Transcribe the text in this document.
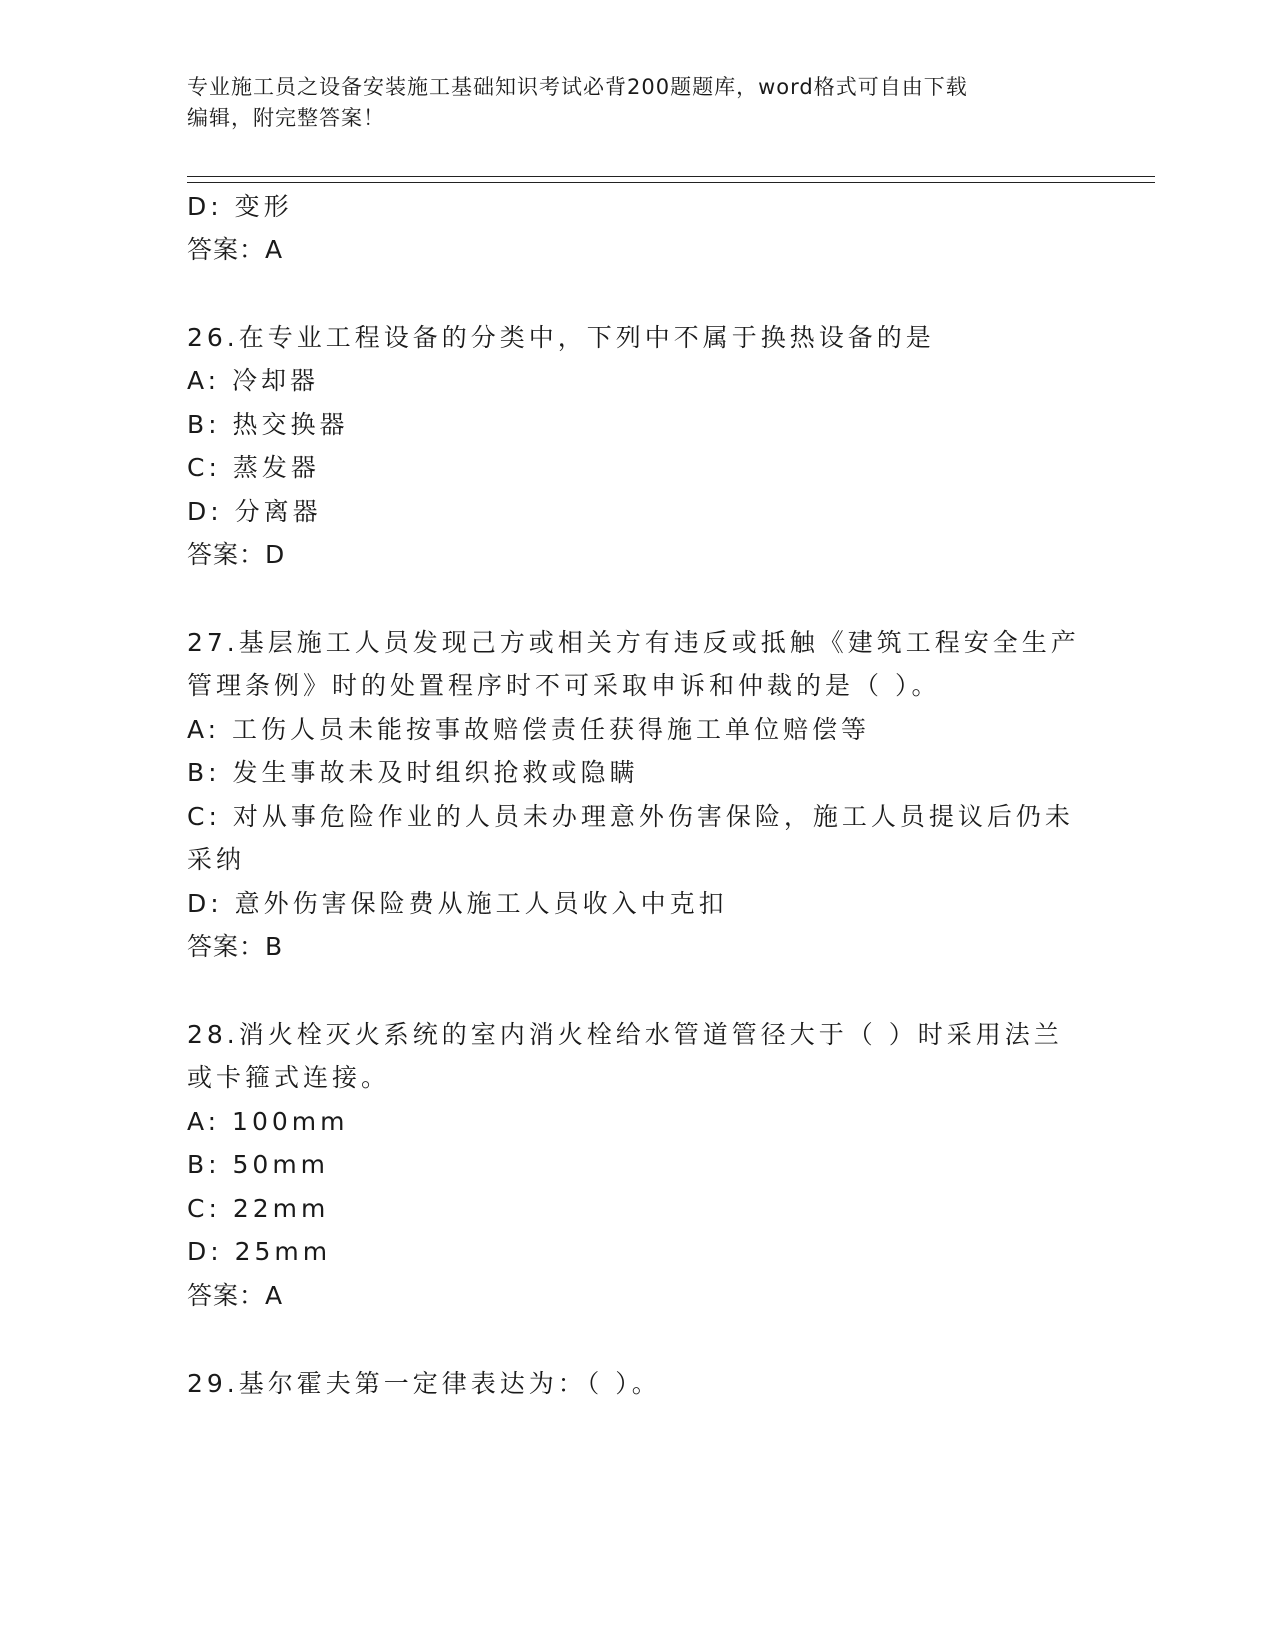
专业施工员之设备安装施工基础知识考试必背200题题库，word格式可自由下载
编辑，附完整答案！
D: 变形
答案：A
26.在专业工程设备的分类中，下列中不属于换热设备的是
A: 冷却器
B: 热交换器
C: 蒸发器
D: 分离器
答案：D
27.基层施工人员发现己方或相关方有违反或抵触《建筑工程安全生产
管理条例》时的处置程序时不可采取申诉和仲裁的是（ ）。
A: 工伤人员未能按事故赔偿责任获得施工单位赔偿等
B: 发生事故未及时组织抢救或隐瞒
C: 对从事危险作业的人员未办理意外伤害保险，施工人员提议后仍未
采纳
D: 意外伤害保险费从施工人员收入中克扣
答案：B
28.消火栓灭火系统的室内消火栓给水管道管径大于（ ）时采用法兰
或卡箍式连接。
A: 100mm
B: 50mm
C: 22mm
D: 25mm
答案：A
29.基尔霍夫第一定律表达为：（ ）。
